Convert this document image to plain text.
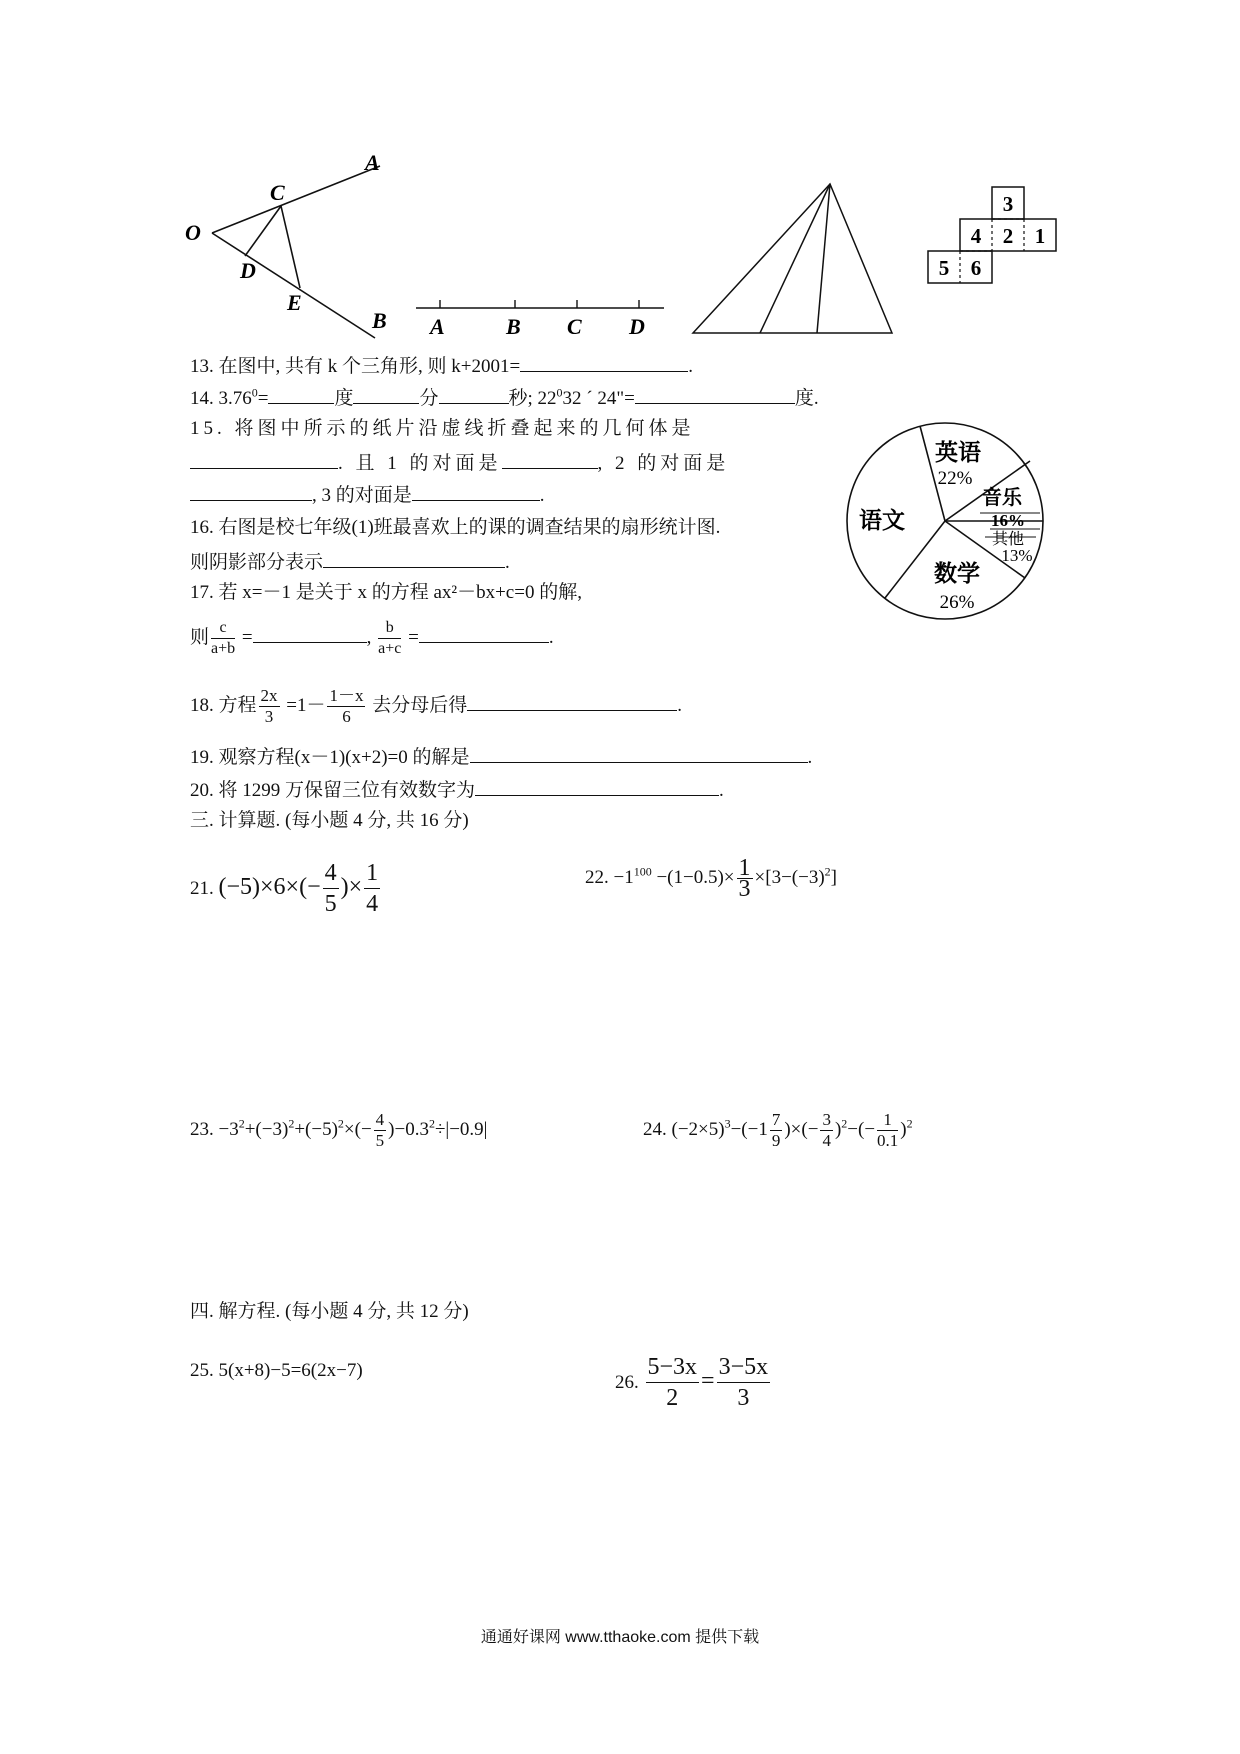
O
C
A
D
E
B A	B C D
3
4 2 1
5 6
英语
音乐
语文
数学
22%
16%
其他
13%
26%
13. 在图中, 共有 k 个三角形, 则 k+2001=	.
14. $3.76^0=$	度	分	秒; $22^032$ ´ 24"=	度.
15. 将图中所示的纸片沿虚线折叠起来的几何体是
. 且 1 的对面是	, 2 的对面是
, 3 的对面是	.
16. 右图是校七年级(1)班最喜欢上的课的调查结果的扇形统计图.
则阴影部分表示	.
17. 若 x=－1 是关于 x 的方程 ax²－bx+c=0 的解,
则 $\frac{c}{a+b}$ =	, $\frac{b}{a+c}$ =	.
18. 方程 $\frac{2x}{3} =1- \frac{1-x}{6}$ 去分母后得	.
19. 观察方程(x－1)(x+2)=0 的解是	.
20. 将 1299 万保留三位有效数字为	.
三. 计算题. (每小题 4 分, 共 16 分)
21. $(-5)\times 6\times(- \frac{4}{5}$ )× $\frac{1}{4}$	22. $-1^{100} -(1-0.5)\times \frac{1}{3} \times[3-(-3)^2]$
23. $-3^2+(-3)^2+(-5)^2\times(- \frac{4}{5} )-0.3^2\div|-0.9|$	24. $(-2\times 5)^3-(-1 \frac{7}{9}$ )×(− $\frac{3}{4} )^2-(- \frac{1}{0.1} )^2$
四. 解方程. (每小题 4 分, 共 12 分)
25. 5(x+8)−5=6(2x−7)
26. $\frac{5-3x}{2} = \frac{3-5x}{3}$
通通好课网 www.tthaoke.com 提供下载
